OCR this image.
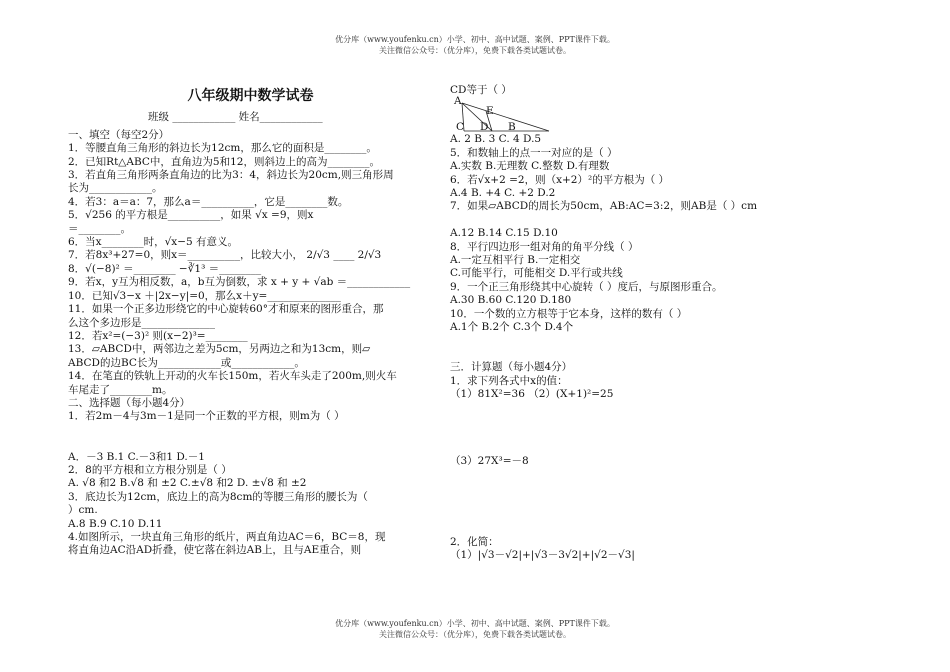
优分库（www.youfenku.cn）小学、初中、高中试题、案例、PPT课件下载。
关注微信公众号：（优分库），免费下载各类试题试卷。
八年级期中数学试卷
班级 ____________ 姓名____________
一、填空（每空2分）
1．等腰直角三角形的斜边长为12cm，那么它的面积是________。
2．已知Rt△ABC中，直角边为5和12，则斜边上的高为________。
3．若直角三角形两条直角边的比为3：4，斜边长为20cm,则三角形周
长为____________。
4．若3：a＝a：7，那么a＝__________，它是________数。
5．√256 的平方根是__________，如果 √x =9，则x
＝________。
6．当x________时，√x−5 有意义。
7．若8x³+27=0，则x＝__________，比较大小， 2/√3 ____ 2/√3
8．√(−8)² ＝________ −∛1³ ＝________
9．若x，y互为相反数，a，b互为倒数，求 x + y + √ab ＝____________
10．已知√3−x ＋|2x−y|=0，那么x＋y=______________
11．如果一个正多边形绕它的中心旋转60°才和原来的图形重合，那
么这个多边形是______________
12．若x²=(−3)² 则(x−2)³=________
13．▱ABCD中，两邻边之差为5cm，另两边之和为13cm，则▱
ABCD的边BC长为____________或____________。
14．在笔直的铁轨上开动的火车长150m，若火车头走了200m,则火车
车尾走了________m。
二、选择题（每小题4分）
1．若2m－4与3m－1是同一个正数的平方根，则m为（ ）

A．－3 B.1 C.－3和1 D.－1
2．8的平方根和立方根分别是（ ）
A. √8 和2 B.√8 和 ±2 C.±√8 和2 D. ±√8 和 ±2
3．底边长为12cm，底边上的高为8cm的等腰三角形的腰长为（
）cm.
A.8 B.9 C.10 D.11
4.如图所示，一块直角三角形的纸片，两直角边AC＝6，BC＝8，现
将直角边AC沿AD折叠，使它落在斜边AB上，且与AE重合，则
CD等于（ ）
A
E
C D B
A. 2 B. 3 C. 4 D.5
5．和数轴上的点一一对应的是（ ）
A.实数 B.无理数 C.整数 D.有理数
6．若√x+2 =2，则（x+2）²的平方根为（ ）
A.4 B. +4 C. +2 D.2
7．如果▱ABCD的周长为50cm，AB:AC=3:2，则AB是（ ）cm

A.12 B.14 C.15 D.10
8．平行四边形一组对角的角平分线（ ）
A.一定互相平行 B.一定相交
C.可能平行，可能相交 D.平行或共线
9．一个正三角形绕其中心旋转（ ）度后，与原图形重合。
A.30 B.60 C.120 D.180
10．一个数的立方根等于它本身，这样的数有（ ）
A.1个 B.2个 C.3个 D.4个

三．计算题（每小题4分）
1．求下列各式中x的值：
（1）81X²=36 （2）(X+1)²=25

（3）27X³=－8

2．化简：
（1）|√3－√2|+|√3－3√2|+|√2－√3|
优分库（www.youfenku.cn）小学、初中、高中试题、案例、PPT课件下载。
关注微信公众号：（优分库），免费下载各类试题试卷。
